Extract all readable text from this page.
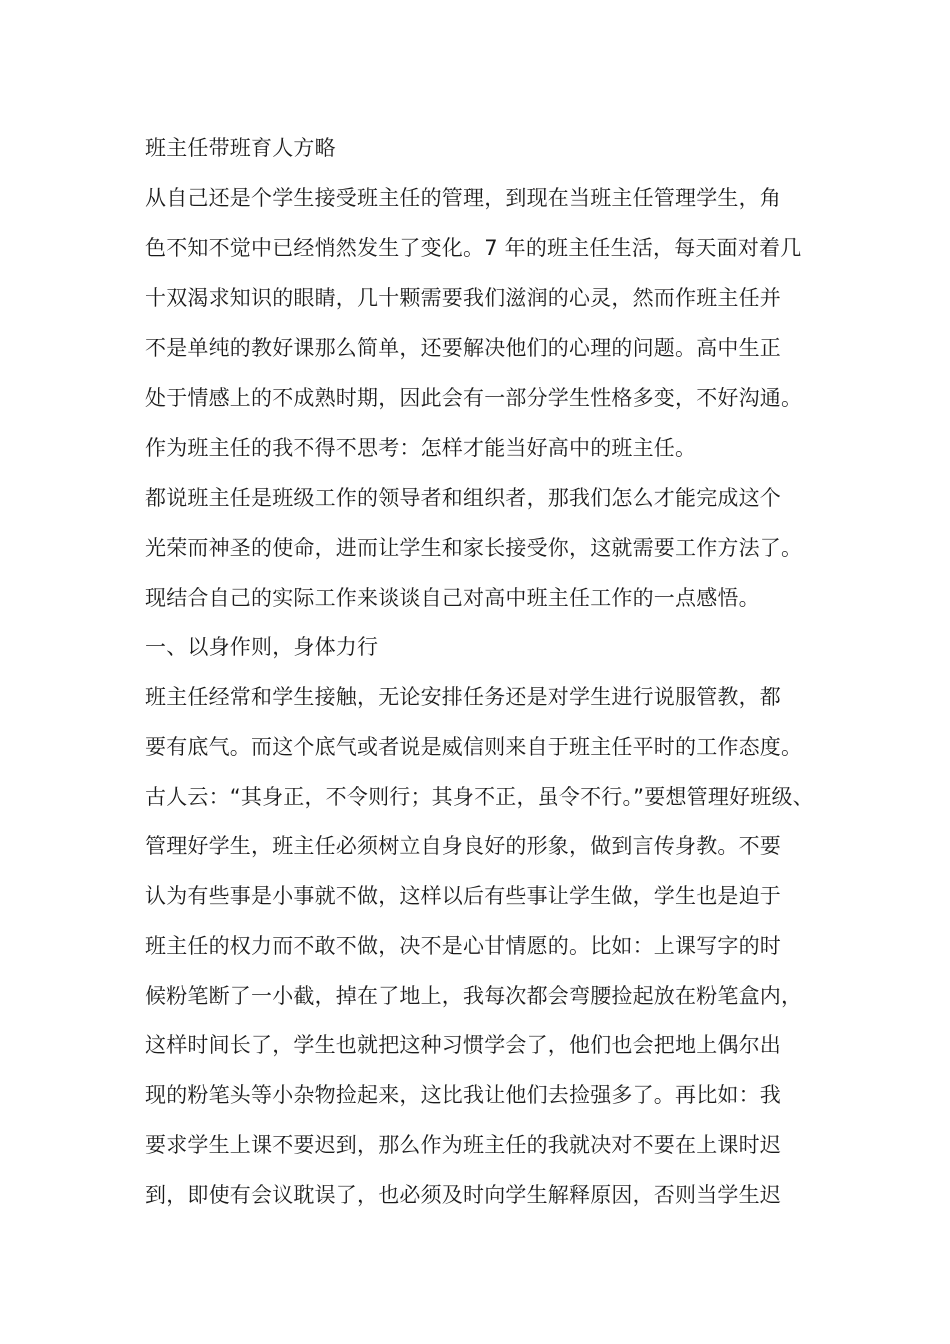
班主任带班育人方略

从自己还是个学生接受班主任的管理，到现在当班主任管理学生，角

色不知不觉中已经悄然发生了变化。7 年的班主任生活，每天面对着几

十双渴求知识的眼睛，几十颗需要我们滋润的心灵，然而作班主任并

不是单纯的教好课那么简单，还要解决他们的心理的问题。高中生正

处于情感上的不成熟时期，因此会有一部分学生性格多变，不好沟通。

作为班主任的我不得不思考：怎样才能当好高中的班主任。

都说班主任是班级工作的领导者和组织者，那我们怎么才能完成这个

光荣而神圣的使命，进而让学生和家长接受你，这就需要工作方法了。

现结合自己的实际工作来谈谈自己对高中班主任工作的一点感悟。

一、以身作则，身体力行

班主任经常和学生接触，无论安排任务还是对学生进行说服管教，都

要有底气。而这个底气或者说是威信则来自于班主任平时的工作态度。

古人云：“其身正，不令则行；其身不正，虽令不行。”要想管理好班级、

管理好学生，班主任必须树立自身良好的形象，做到言传身教。不要

认为有些事是小事就不做，这样以后有些事让学生做，学生也是迫于

班主任的权力而不敢不做，决不是心甘情愿的。比如：上课写字的时

候粉笔断了一小截，掉在了地上，我每次都会弯腰捡起放在粉笔盒内，

这样时间长了，学生也就把这种习惯学会了，他们也会把地上偶尔出

现的粉笔头等小杂物捡起来，这比我让他们去捡强多了。再比如：我

要求学生上课不要迟到，那么作为班主任的我就决对不要在上课时迟

到，即使有会议耽误了，也必须及时向学生解释原因，否则当学生迟
